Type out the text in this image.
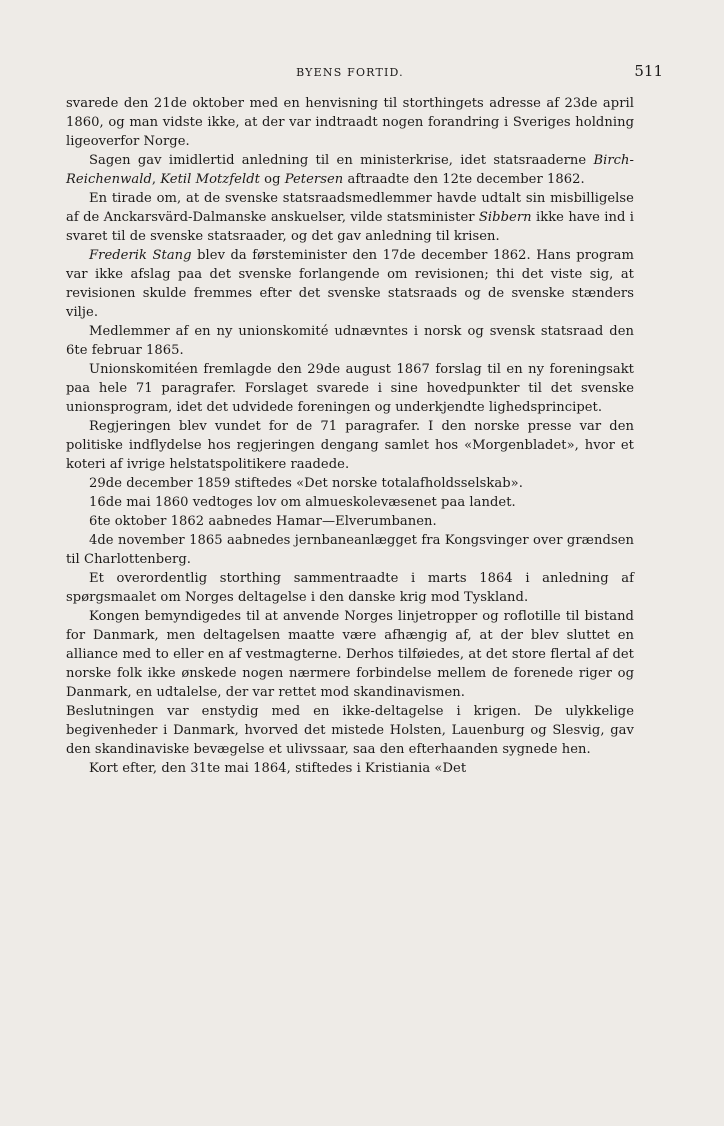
BYENS FORTID.	511

svarede den 21de oktober med en henvisning til storthingets adresse af 23de april 1860, og man vidste ikke, at der var indtraadt nogen forandring i Sveriges holdning ligeoverfor Norge.

Sagen gav imidlertid anledning til en ministerkrise, idet statsraaderne Birch-Reichenwald, Ketil Motzfeldt og Petersen aftraadte den 12te december 1862.

En tirade om, at de svenske statsraadsmedlemmer havde udtalt sin misbilligelse af de Anckarsvärd-Dalmanske anskuelser, vilde statsminister Sibbern ikke have ind i svaret til de svenske statsraader, og det gav anledning til krisen.

Frederik Stang blev da førsteminister den 17de december 1862. Hans program var ikke afslag paa det svenske forlangende om revisionen; thi det viste sig, at revisionen skulde fremmes efter det svenske statsraads og de svenske stænders vilje.

Medlemmer af en ny unionskomité udnævntes i norsk og svensk statsraad den 6te februar 1865.

Unionskomitéen fremlagde den 29de august 1867 forslag til en ny foreningsakt paa hele 71 paragrafer. Forslaget svarede i sine hovedpunkter til det svenske unionsprogram, idet det udvidede foreningen og underkjendte lighedsprincipet.

Regjeringen blev vundet for de 71 paragrafer. I den norske presse var den politiske indflydelse hos regjeringen dengang samlet hos «Morgenbladet», hvor et koteri af ivrige helstatspolitikere raadede.

29de december 1859 stiftedes «Det norske totalafholdsselskab».

16de mai 1860 vedtoges lov om almueskolevæsenet paa landet.

6te oktober 1862 aabnedes Hamar—Elverumbanen.

4de november 1865 aabnedes jernbaneanlægget fra Kongsvinger over grændsen til Charlottenberg.

Et overordentlig storthing sammentraadte i marts 1864 i anledning af spørgsmaalet om Norges deltagelse i den danske krig mod Tyskland.

Kongen bemyndigedes til at anvende Norges linjetropper og roflotille til bistand for Danmark, men deltagelsen maatte være afhængig af, at der blev sluttet en alliance med to eller en af vestmagterne. Derhos tilføiedes, at det store flertal af det norske folk ikke ønskede nogen nærmere forbindelse mellem de forenede riger og Danmark, en udtalelse, der var rettet mod skandinavismen.

Beslutningen var enstydig med en ikke-deltagelse i krigen. De ulykkelige begivenheder i Danmark, hvorved det mistede Holsten, Lauenburg og Slesvig, gav den skandinaviske bevægelse et ulivssaar, saa den efterhaanden sygnede hen.

Kort efter, den 31te mai 1864, stiftedes i Kristiania «Det
